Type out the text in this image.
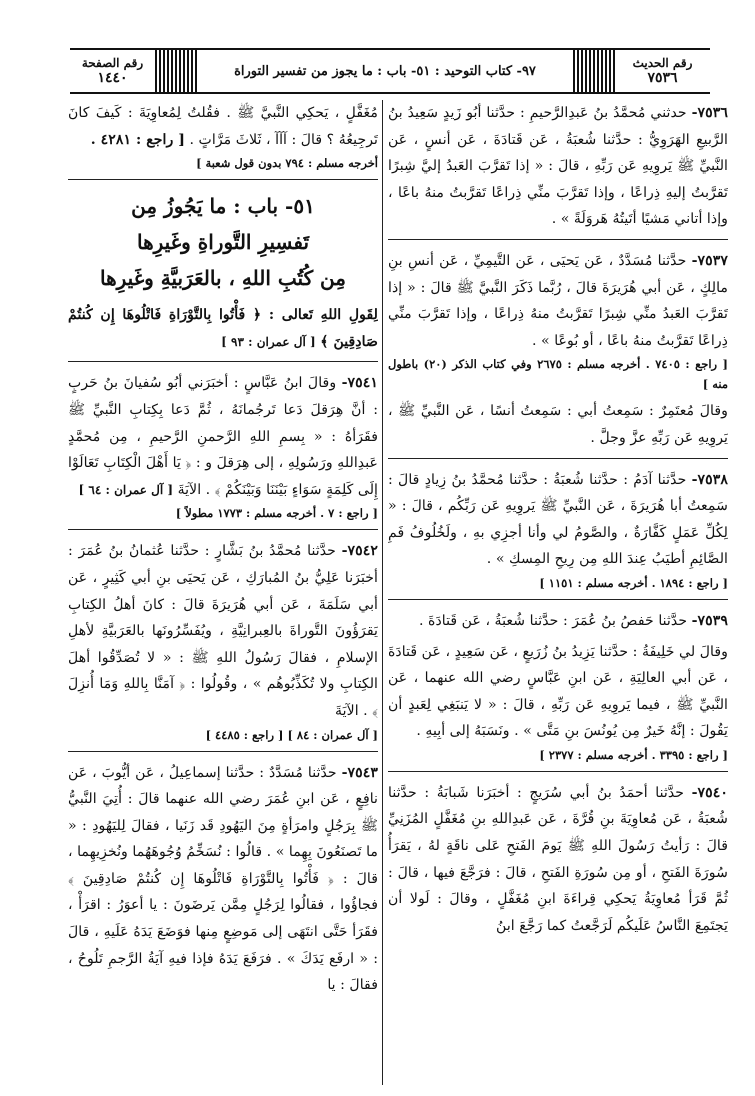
رقم الحديث
٧٥٣٦
٩٧- كتاب التوحيد : ٥١- باب : ما يجوز من تفسير التوراة
رقم الصفحة
١٤٤٠
٧٥٣٦- حدثني مُحمَّدُ بنُ عَبدِالرَّحيمِ : حدَّثنا أبُو زَيدٍ سَعِيدُ بنُ الرَّبيعِ الهَرَوِيُّ : حدَّثنا شُعبَةُ ، عَن قَتادَةَ ، عَن أنسٍ ، عَن النَّبيِّ ﷺ يَروِيهِ عَن رَبِّهِ ، قالَ : « إذا تَقرَّبَ العَبدُ إليَّ شِبرًا تَقرَّبتُ إليهِ ذِراعًا ، وإذا تَقرَّبَ منِّي ذِراعًا تَقرَّبتُ منهُ باعًا ، وإذا أتاني مَشيًا أتَيتُهُ هَروَلَةً » .
٧٥٣٧- حدَّثنا مُسَدَّدٌ ، عَن يَحيَى ، عَن التَّيمِيِّ ، عَن أنسِ بنِ مالِكٍ ، عَن أبي هُرَيرَةَ قالَ ، رُبَّما ذَكَرَ النَّبيَّ ﷺ قالَ : « إذا تَقرَّبَ العَبدُ منِّي شِبرًا تَقرَّبتُ منهُ ذِراعًا ، وإذا تَقرَّبَ منِّي ذِراعًا تَقرَّبتُ منهُ باعًا ، أو بُوعًا » .
[ راجع : ٧٤٠٥ . أخرجه مسلم : ٢٦٧٥ وفي كتاب الذكر (٢٠) باطول منه ]
وقالَ مُعتَمِرٌ : سَمِعتُ أبي : سَمِعتُ أنسًا ، عَن النَّبيِّ ﷺ ، يَروِيهِ عَن رَبِّهِ عزَّ وجلَّ .
٧٥٣٨- حدَّثنا آدَمُ : حدَّثنا شُعبَةُ : حدَّثنا مُحمَّدُ بنُ زِيادٍ قالَ : سَمِعتُ أبا هُرَيرَةَ ، عَن النَّبيِّ ﷺ يَروِيهِ عَن رَبِّكُم ، قالَ : « لِكُلِّ عَمَلٍ كَفَّارَةٌ ، والصَّومُ لي وأنا أجزِي بهِ ، ولَخُلُوفُ فَمِ الصَّائِمِ أطيَبُ عِندَ اللهِ مِن رِيحِ المِسكِ » .
[ راجع : ١٨٩٤ . أخرجه مسلم : ١١٥١ ]
٧٥٣٩- حدَّثنا حَفصُ بنُ عُمَرَ : حدَّثنا شُعبَةُ ، عَن قَتادَةَ .
وقالَ لي خَلِيفَةُ : حدَّثنا يَزِيدُ بنُ زُرَيعٍ ، عَن سَعِيدٍ ، عَن قَتادَةَ ، عَن أبي العالِيَةِ ، عَن ابنِ عَبَّاسٍ رضي الله عنهما ، عَن النَّبيِّ ﷺ ، فيما يَروِيهِ عَن رَبِّهِ ، قالَ : « لا يَنبَغِي لِعَبدٍ أن يَقُولَ : إنَّهُ خَيرٌ مِن يُونُسَ بنِ مَتَّى » . ونَسَبَهُ إلى أبِيهِ .
[ راجع : ٣٣٩٥ . أخرجه مسلم : ٢٣٧٧ ]
٧٥٤٠- حدَّثنا أحمَدُ بنُ أبي سُرَيجٍ : أخبَرَنا شَبابَةُ : حدَّثنا شُعبَةُ ، عَن مُعاوِيَةَ بنِ قُرَّةَ ، عَن عَبدِاللهِ بنِ مُغَفَّلٍ المُزَنِيِّ قالَ : رَأيتُ رَسُولَ اللهِ ﷺ يَومَ الفَتحِ عَلى ناقَةٍ لهُ ، يَقرَأُ سُورَةَ الفَتحِ ، أو مِن سُورَةِ الفَتحِ ، قالَ : فرَجَّعَ فيها ، قالَ : ثُمَّ قَرَأ مُعاوِيَةُ يَحكِي قِراءَةَ ابنِ مُغَفَّلٍ ، وقالَ : لَولا أن يَجتَمِعَ النَّاسُ عَلَيكُم لَرَجَّعتُ كما رَجَّعَ ابنُ
مُغَفَّلٍ ، يَحكِي النَّبيَّ ﷺ . فقُلتُ لِمُعاوِيَةَ : كَيفَ كانَ تَرجِيعُهُ ؟ قالَ : آآآ ، ثَلاثَ مَرَّاتٍ . [ راجع : ٤٢٨١ .
أخرجه مسلم : ٧٩٤ بدون قول شعبة ]
٥١- باب : ما يَجُوزُ مِن
تَفسِيرِ التَّوراةِ وغَيرِها
مِن كُتُبِ اللهِ ، بالعَرَبيَّةِ وغَيرِها
لِقَولِ اللهِ تَعالى : ﴿ فَأْتُوا بِالتَّوْرَاةِ فَاتْلُوهَا إِن كُنتُمْ صَادِقِينَ ﴾ [ آل عمران : ٩٣ ]
٧٥٤١- وقالَ ابنُ عَبَّاسٍ : أخبَرَني أبُو سُفيانَ بنُ حَربٍ : أنَّ هِرَقلَ دَعا تَرجُمانَهُ ، ثُمَّ دَعا بِكِتابِ النَّبيِّ ﷺ فقَرَأهُ : « بِسمِ اللهِ الرَّحمنِ الرَّحيمِ ، مِن مُحمَّدٍ عَبدِاللهِ ورَسُولِهِ ، إلى هِرَقلَ و : ﴿ يَا أَهْلَ الْكِتَابِ تَعَالَوْا إِلَى كَلِمَةٍ سَوَاءٍ بَيْنَنَا وَبَيْنَكُمْ ﴾ . الآيَةَ [ آل عمران : ٦٤ ]
[ راجع : ٧ . أخرجه مسلم : ١٧٧٣ مطولاً ]
٧٥٤٢- حدَّثنا مُحمَّدُ بنُ بَشَّارٍ : حدَّثنا عُثمانُ بنُ عُمَرَ : أخبَرَنا عَلِيُّ بنُ المُبارَكِ ، عَن يَحيَى بنِ أبي كَثِيرٍ ، عَن أبي سَلَمَةَ ، عَن أبي هُرَيرَةَ قالَ : كانَ أهلُ الكِتابِ يَقرَؤُونَ التَّوراةَ بالعِبرانِيَّةِ ، ويُفَسِّرُونَها بالعَرَبيَّةِ لأهلِ الإسلامِ ، فقالَ رَسُولُ اللهِ ﷺ : « لا تُصَدِّقُوا أهلَ الكِتابِ ولا تُكَذِّبُوهُم » ، وقُولُوا : ﴿ آمَنَّا بِاللهِ وَمَا أُنزِلَ ﴾ . الآيَةَ
[ آل عمران : ٨٤ ] [ راجع : ٤٤٨٥ ]
٧٥٤٣- حدَّثنا مُسَدَّدٌ : حدَّثنا إسماعِيلُ ، عَن أيُّوبَ ، عَن نافِعٍ ، عَن ابنِ عُمَرَ رضي الله عنهما قالَ : أُتِيَ النَّبيُّ ﷺ بِرَجُلٍ وامرَأةٍ مِنَ اليَهُودِ قَد زَنَيا ، فقالَ لِليَهُودِ : « ما تَصنَعُونَ بِهِما » . قالُوا : نُسَخِّمُ وُجُوهَهُما ونُخزِيهِما ، قالَ : ﴿ فَأْتُوا بِالتَّوْرَاةِ فَاتْلُوهَا إِن كُنتُمْ صَادِقِينَ ﴾ فجاؤُوا ، فقالُوا لِرَجُلٍ مِمَّن يَرضَونَ : يا أعوَرُ : اقرَأْ ، فقَرَأ حَتَّى انتَهَى إلى مَوضِعٍ مِنها فوَضَعَ يَدَهُ عَلَيهِ ، قالَ : « ارفَع يَدَكَ » . فرَفَعَ يَدَهُ فإذا فيهِ آيَةُ الرَّجمِ تَلُوحُ ، فقالَ : يا
